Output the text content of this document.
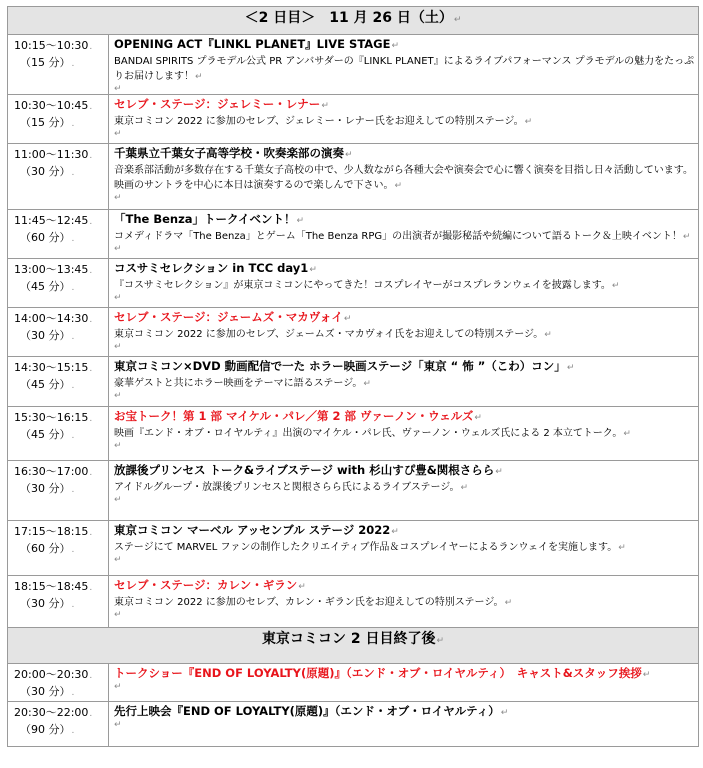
＜2 日目＞　11 月 26 日（土）↵	
10:15～10:30.
（15 分）.	OPENING ACT『LINKL PLANET』LIVE STAGE↵
BANDAI SPIRITS プラモデル公式 PR アンバサダーの『LINKL PLANET』によるライブパフォーマンス プラモデルの魅力をたっぷりお届けします！↵
↵

10:30～10:45.
（15 分）.	セレブ・ステージ：ジェレミー・レナー↵
東京コミコン 2022 に参加のセレブ、ジェレミー・レナー氏をお迎えしての特別ステージ。↵
↵

11:00～11:30.
（30 分）.	千葉県立千葉女子高等学校・吹奏楽部の演奏↵
音楽系部活動が多数存在する千葉女子高校の中で、少人数ながら各種大会や演奏会で心に響く演奏を目指し日々活動しています。映画のサントラを中心に本日は演奏するので楽しんで下さい。↵
↵

11:45～12:45.
（60 分）.	「The Benza」トークイベント！↵
コメディドラマ「The Benza」とゲーム「The Benza RPG」の出演者が撮影秘話や続編について語るトーク＆上映イベント！↵
↵

13:00～13:45.
（45 分）.	コスサミセレクション in TCC day1↵
『コスサミセレクション』が東京コミコンにやってきた！コスプレイヤーがコスプレランウェイを披露します。↵
↵

14:00～14:30.
（30 分）.	セレブ・ステージ：ジェームズ・マカヴォイ↵
東京コミコン 2022 に参加のセレブ、ジェームズ・マカヴォイ氏をお迎えしての特別ステージ。↵
↵

14:30～15:15.
（45 分）.	東京コミコン×DVD 動画配信で一た ホラー映画ステージ「東京 “ 怖 ”（こわ）コン」↵
豪華ゲストと共にホラー映画をテーマに語るステージ。↵
↵

15:30～16:15.
（45 分）.	お宝トーク！第 1 部 マイケル・パレ／第 2 部 ヴァーノン・ウェルズ↵
映画『エンド・オブ・ロイヤルティ』出演のマイケル・パレ氏、ヴァーノン・ウェルズ氏による 2 本立てトーク。↵
↵

16:30～17:00.
（30 分）.	放課後プリンセス トーク&ライブステージ with 杉山すぴ豊&関根さらら↵
アイドルグループ・放課後プリンセスと関根さらら氏によるライブステージ。↵
↵

17:15～18:15.
（60 分）.	東京コミコン マーベル アッセンブル ステージ 2022↵
ステージにて MARVEL ファンの制作したクリエイティブ作品＆コスプレイヤーによるランウェイを実施します。↵
↵

18:15～18:45.
（30 分）.	セレブ・ステージ：カレン・ギラン↵
東京コミコン 2022 に参加のセレブ、カレン・ギラン氏をお迎えしての特別ステージ。↵
↵

東京コミコン 2 日目終了後↵	
20:00～20:30.
（30 分）.	トークショー『END OF LOYALTY(原題)』（エンド・オブ・ロイヤルティ）　キャスト&スタッフ挨拶↵
↵

20:30～22:00.
（90 分）.	先行上映会『END OF LOYALTY(原題)』（エンド・オブ・ロイヤルティ）↵
↵
